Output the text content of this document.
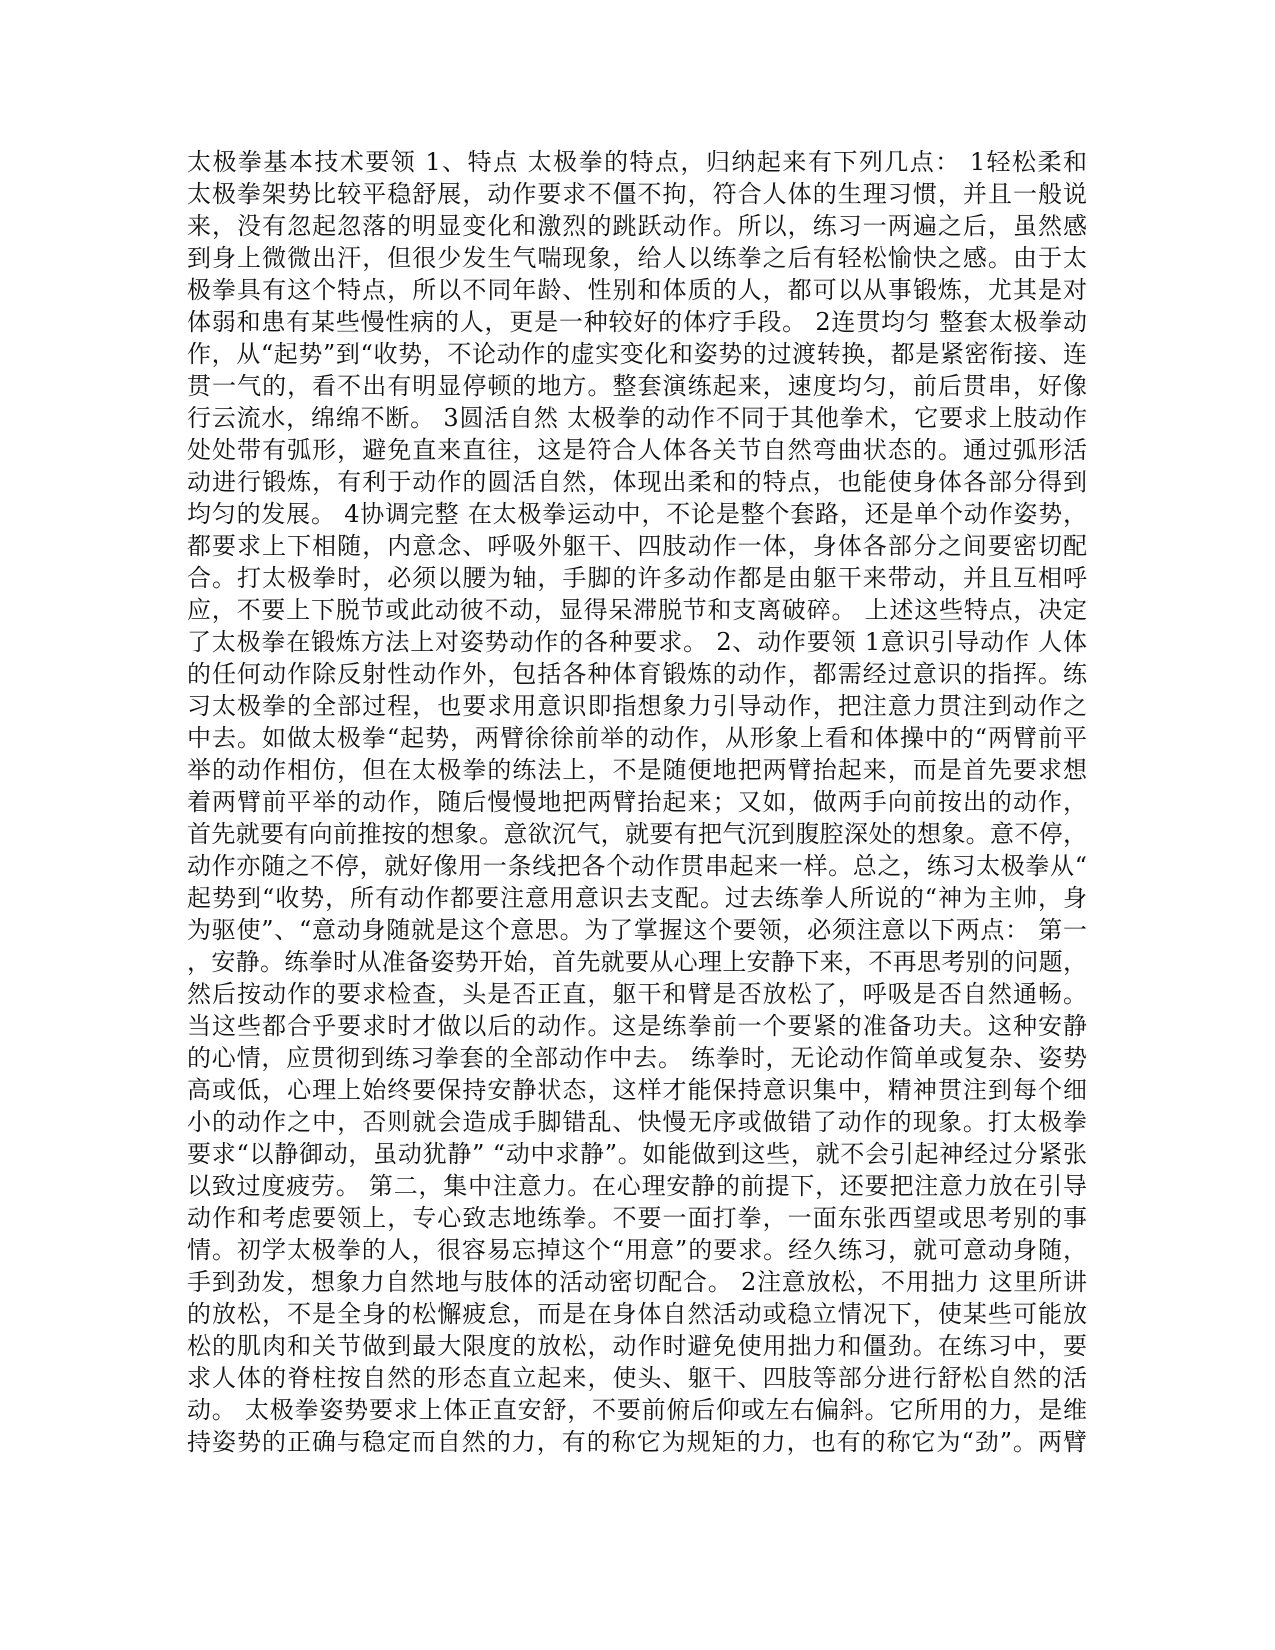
太极拳基本技术要领 1、特点 太极拳的特点，归纳起来有下列几点： 1轻松柔和
太极拳架势比较平稳舒展，动作要求不僵不拘，符合人体的生理习惯，并且一般说
来，没有忽起忽落的明显变化和激烈的跳跃动作。所以，练习一两遍之后，虽然感
到身上微微出汗，但很少发生气喘现象，给人以练拳之后有轻松愉快之感。由于太
极拳具有这个特点，所以不同年龄、性别和体质的人，都可以从事锻炼，尤其是对
体弱和患有某些慢性病的人，更是一种较好的体疗手段。 2连贯均匀 整套太极拳动
作，从“起势”到“收势，不论动作的虚实变化和姿势的过渡转换，都是紧密衔接、连
贯一气的，看不出有明显停顿的地方。整套演练起来，速度均匀，前后贯串，好像
行云流水，绵绵不断。 3圆活自然 太极拳的动作不同于其他拳术，它要求上肢动作
处处带有弧形，避免直来直往，这是符合人体各关节自然弯曲状态的。通过弧形活
动进行锻炼，有利于动作的圆活自然，体现出柔和的特点，也能使身体各部分得到
均匀的发展。 4协调完整 在太极拳运动中，不论是整个套路，还是单个动作姿势，
都要求上下相随，内意念、呼吸外躯干、四肢动作一体，身体各部分之间要密切配
合。打太极拳时，必须以腰为轴，手脚的许多动作都是由躯干来带动，并且互相呼
应，不要上下脱节或此动彼不动，显得呆滞脱节和支离破碎。 上述这些特点，决定
了太极拳在锻炼方法上对姿势动作的各种要求。 2、动作要领 1意识引导动作 人体
的任何动作除反射性动作外，包括各种体育锻炼的动作，都需经过意识的指挥。练
习太极拳的全部过程，也要求用意识即指想象力引导动作，把注意力贯注到动作之
中去。如做太极拳“起势，两臂徐徐前举的动作，从形象上看和体操中的“两臂前平
举的动作相仿，但在太极拳的练法上，不是随便地把两臂抬起来，而是首先要求想
着两臂前平举的动作，随后慢慢地把两臂抬起来；又如，做两手向前按出的动作，
首先就要有向前推按的想象。意欲沉气，就要有把气沉到腹腔深处的想象。意不停，
动作亦随之不停，就好像用一条线把各个动作贯串起来一样。总之，练习太极拳从“
起势到“收势，所有动作都要注意用意识去支配。过去练拳人所说的“神为主帅，身
为驱使”、“意动身随就是这个意思。为了掌握这个要领，必须注意以下两点： 第一
，安静。练拳时从准备姿势开始，首先就要从心理上安静下来，不再思考别的问题，
然后按动作的要求检查，头是否正直，躯干和臂是否放松了，呼吸是否自然通畅。
当这些都合乎要求时才做以后的动作。这是练拳前一个要紧的准备功夫。这种安静
的心情，应贯彻到练习拳套的全部动作中去。 练拳时，无论动作简单或复杂、姿势
高或低，心理上始终要保持安静状态，这样才能保持意识集中，精神贯注到每个细
小的动作之中，否则就会造成手脚错乱、快慢无序或做错了动作的现象。打太极拳
要求“以静御动，虽动犹静” “动中求静”。如能做到这些，就不会引起神经过分紧张
以致过度疲劳。 第二，集中注意力。在心理安静的前提下，还要把注意力放在引导
动作和考虑要领上，专心致志地练拳。不要一面打拳，一面东张西望或思考别的事
情。初学太极拳的人，很容易忘掉这个“用意”的要求。经久练习，就可意动身随，
手到劲发，想象力自然地与肢体的活动密切配合。 2注意放松，不用拙力 这里所讲
的放松，不是全身的松懈疲怠，而是在身体自然活动或稳立情况下，使某些可能放
松的肌肉和关节做到最大限度的放松，动作时避免使用拙力和僵劲。在练习中，要
求人体的脊柱按自然的形态直立起来，使头、躯干、四肢等部分进行舒松自然的活
动。 太极拳姿势要求上体正直安舒，不要前俯后仰或左右偏斜。它所用的力，是维
持姿势的正确与稳定而自然的力，有的称它为规矩的力，也有的称它为“劲”。两臂
